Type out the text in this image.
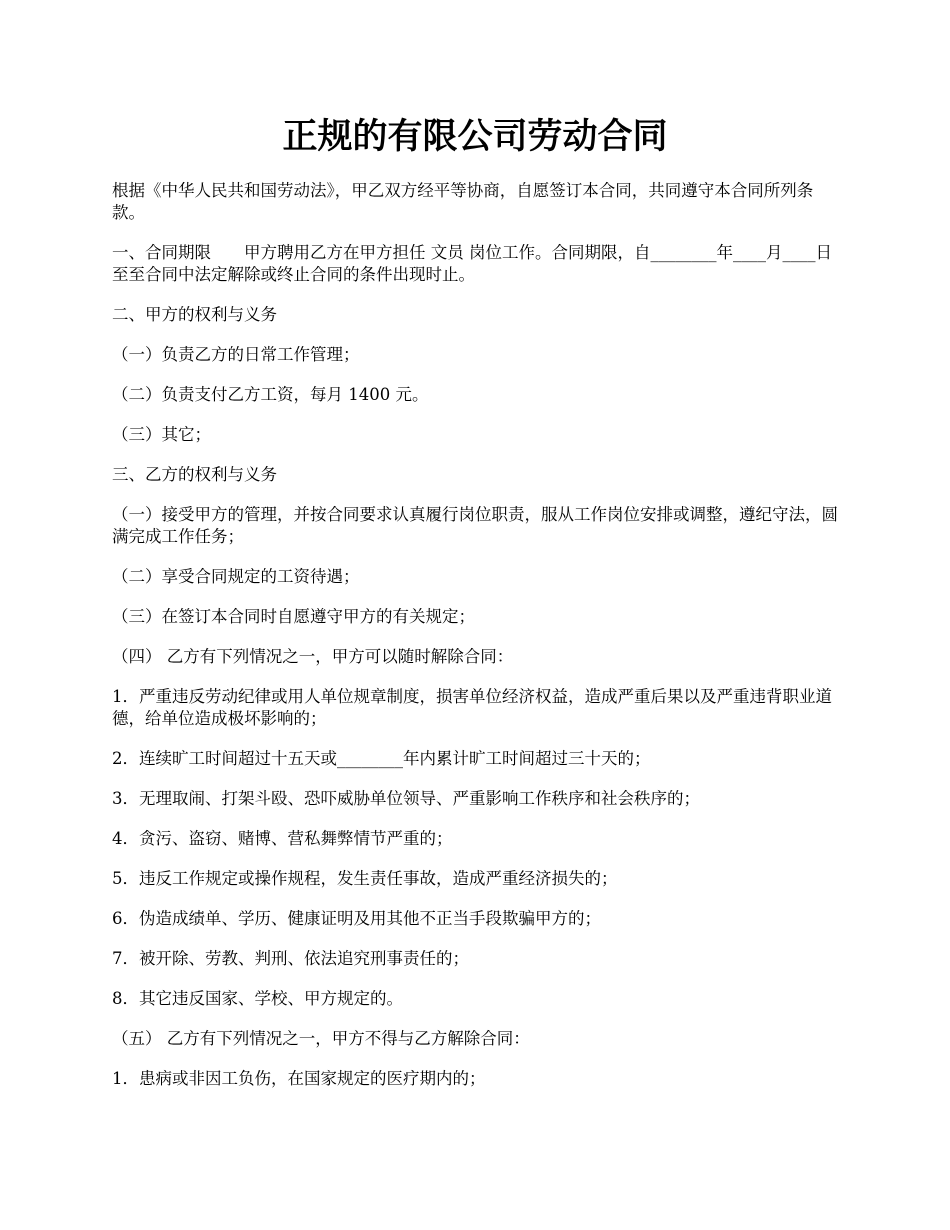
正规的有限公司劳动合同

根据《中华人民共和国劳动法》，甲乙双方经平等协商，自愿签订本合同，共同遵守本合同所列条款。

一、合同期限　　甲方聘用乙方在甲方担任 文员 岗位工作。合同期限，自________年____月____日至至合同中法定解除或终止合同的条件出现时止。

二、甲方的权利与义务

（一）负责乙方的日常工作管理；

（二）负责支付乙方工资，每月 1400 元。

（三）其它；

三、乙方的权利与义务

（一）接受甲方的管理，并按合同要求认真履行岗位职责，服从工作岗位安排或调整，遵纪守法，圆满完成工作任务；

（二）享受合同规定的工资待遇；

（三）在签订本合同时自愿遵守甲方的有关规定；

（四） 乙方有下列情况之一，甲方可以随时解除合同：

1．严重违反劳动纪律或用人单位规章制度，损害单位经济权益，造成严重后果以及严重违背职业道德，给单位造成极坏影响的；

2．连续旷工时间超过十五天或________年内累计旷工时间超过三十天的；

3．无理取闹、打架斗殴、恐吓威胁单位领导、严重影响工作秩序和社会秩序的；

4．贪污、盗窃、赌博、营私舞弊情节严重的；

5．违反工作规定或操作规程，发生责任事故，造成严重经济损失的；

6．伪造成绩单、学历、健康证明及用其他不正当手段欺骗甲方的；

7．被开除、劳教、判刑、依法追究刑事责任的；

8．其它违反国家、学校、甲方规定的。

（五） 乙方有下列情况之一，甲方不得与乙方解除合同：

1．患病或非因工负伤，在国家规定的医疗期内的；
